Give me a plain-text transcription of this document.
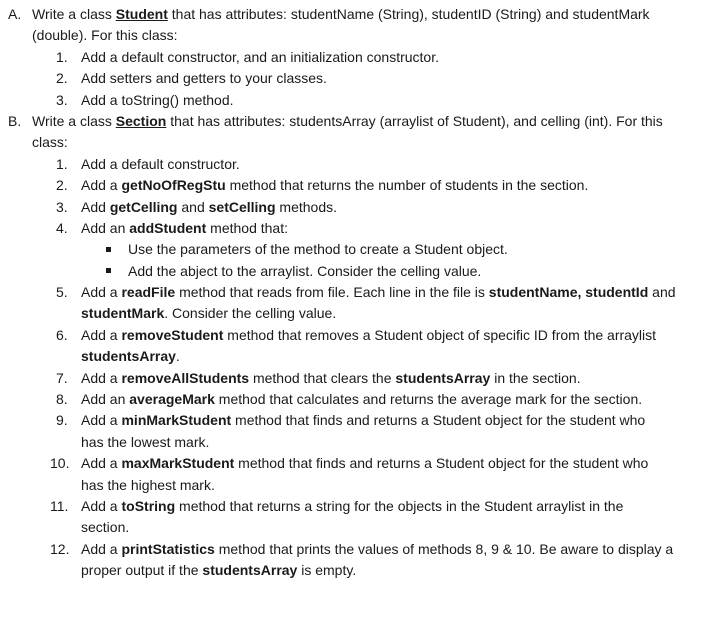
A. Write a class Student that has attributes: studentName (String), studentID (String) and studentMark
(double). For this class:
1. Add a default constructor, and an initialization constructor.
2. Add setters and getters to your classes.
3. Add a toString() method.
B. Write a class Section that has attributes: studentsArray (arraylist of Student), and celling (int). For this
class:
1. Add a default constructor.
2. Add a getNoOfRegStu method that returns the number of students in the section.
3. Add getCelling and setCelling methods.
4. Add an addStudent method that:
Use the parameters of the method to create a Student object.
Add the abject to the arraylist. Consider the celling value.
5. Add a readFile method that reads from file. Each line in the file is studentName, studentId and
studentMark. Consider the celling value.
6. Add a removeStudent method that removes a Student object of specific ID from the arraylist
studentsArray.
7. Add a removeAllStudents method that clears the studentsArray in the section.
8. Add an averageMark method that calculates and returns the average mark for the section.
9. Add a minMarkStudent method that finds and returns a Student object for the student who
has the lowest mark.
10. Add a maxMarkStudent method that finds and returns a Student object for the student who
has the highest mark.
11. Add a toString method that returns a string for the objects in the Student arraylist in the
section.
12. Add a printStatistics method that prints the values of methods 8, 9 & 10. Be aware to display a
proper output if the studentsArray is empty.
